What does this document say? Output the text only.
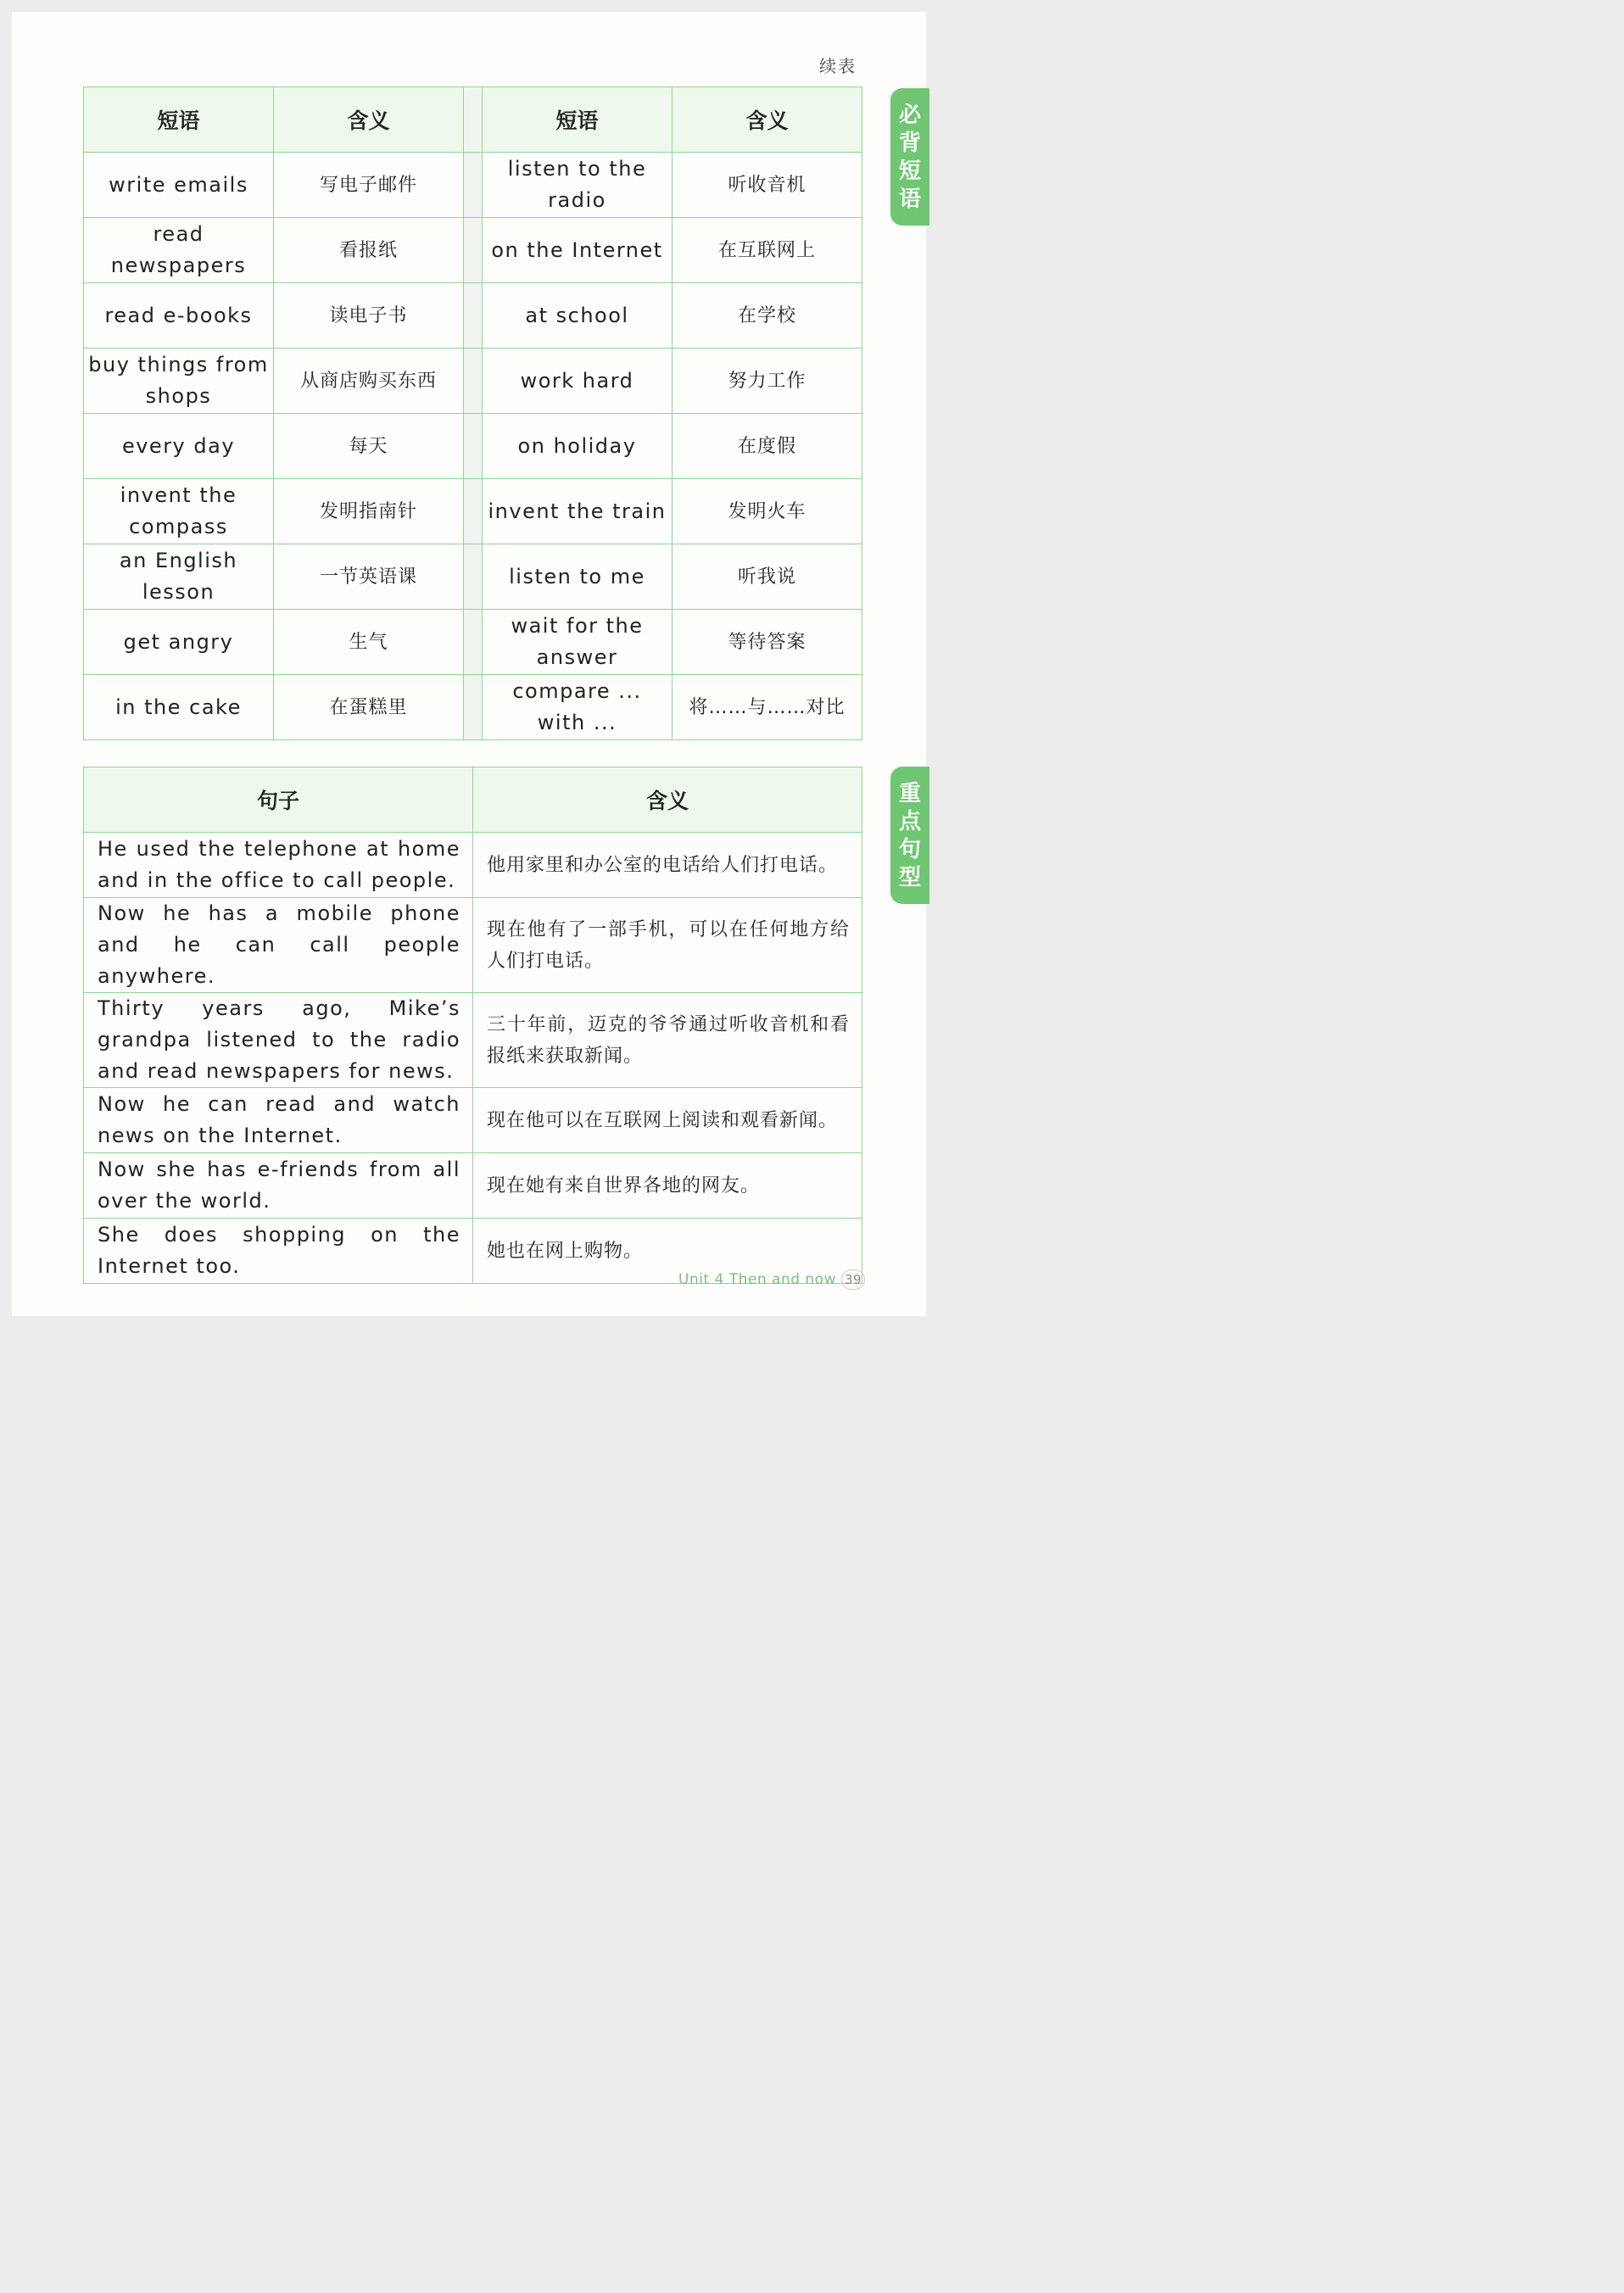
续表
必
背
短
语
重
点
句
型
短语	含义		短语	含义
write emails	写电子邮件		listen to the radio	听收音机
read newspapers	看报纸		on the Internet	在互联网上
read e-books	读电子书		at school	在学校
buy things from shops	从商店购买东西		work hard	努力工作
every day	每天		on holiday	在度假
invent the compass	发明指南针		invent the train	发明火车
an English lesson	一节英语课		listen to me	听我说
get angry	生气		wait for the answer	等待答案
in the cake	在蛋糕里		compare ... with ...	将……与……对比
句子	含义
He used the telephone at home and in the office to call people.	他用家里和办公室的电话给人们打电话。
Now he has a mobile phone and he can call people anywhere.	现在他有了一部手机，可以在任何地方给人们打电话。
Thirty years ago, Mike’s grandpa listened to the radio and read newspapers for news.	三十年前，迈克的爷爷通过听收音机和看报纸来获取新闻。
Now he can read and watch news on the Internet.	现在他可以在互联网上阅读和观看新闻。
Now she has e-friends from all over the world.	现在她有来自世界各地的网友。
She does shopping on the Internet too.	她也在网上购物。
Unit 4 Then and now 39
